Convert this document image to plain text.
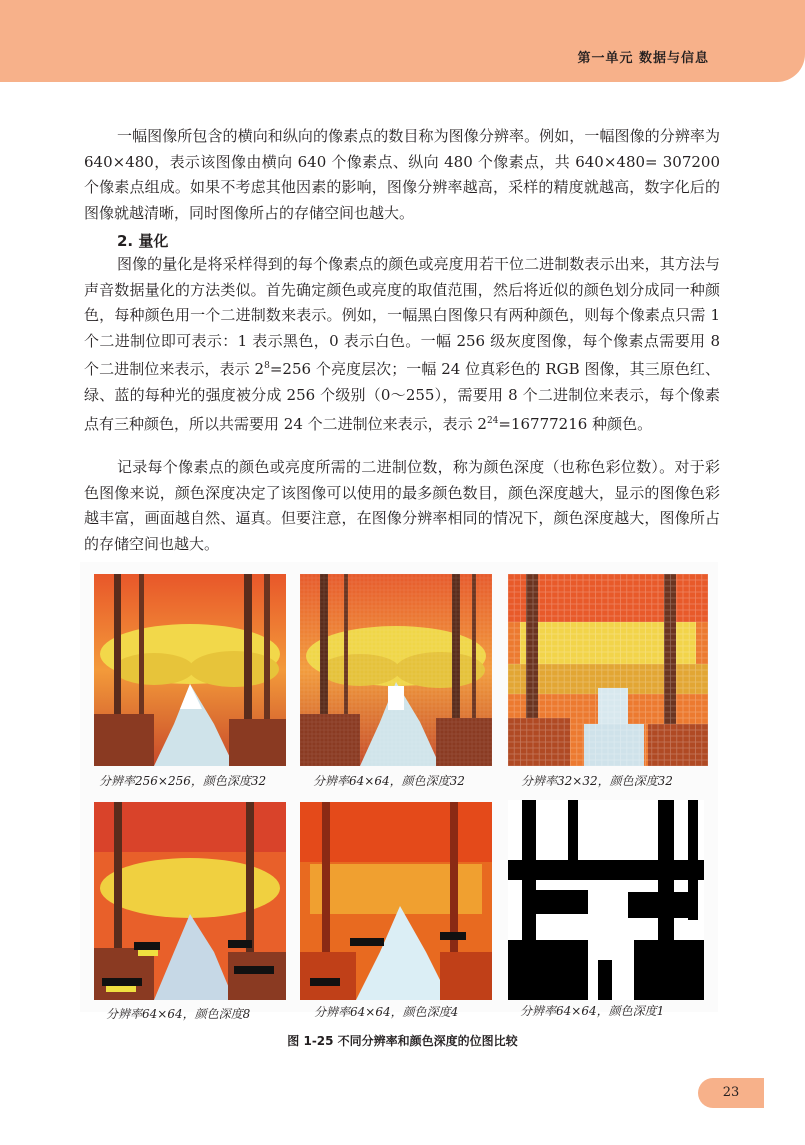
第一单元 数据与信息

一幅图像所包含的横向和纵向的像素点的数目称为图像分辨率。例如，一幅图像的分辨率为 640×480，表示该图像由横向 640 个像素点、纵向 480 个像素点，共 640×480= 307200 个像素点组成。如果不考虑其他因素的影响，图像分辨率越高，采样的精度就越高，数字化后的图像就越清晰，同时图像所占的存储空间也越大。

2. 量化

图像的量化是将采样得到的每个像素点的颜色或亮度用若干位二进制数表示出来，其方法与声音数据量化的方法类似。首先确定颜色或亮度的取值范围，然后将近似的颜色划分成同一种颜色，每种颜色用一个二进制数来表示。例如，一幅黑白图像只有两种颜色，则每个像素点只需 1 个二进制位即可表示：1 表示黑色，0 表示白色。一幅 256 级灰度图像，每个像素点需要用 8 个二进制位来表示，表示 $2^8=256$ 个亮度层次；一幅 24 位真彩色的 RGB 图像，其三原色红、绿、蓝的每种光的强度被分成 256 个级别（0～255），需要用 8 个二进制位来表示，每个像素点有三种颜色，所以共需要用 24 个二进制位来表示，表示 $2^{24}=16777216$ 种颜色。

记录每个像素点的颜色或亮度所需的二进制位数，称为颜色深度（也称色彩位数）。对于彩色图像来说，颜色深度决定了该图像可以使用的最多颜色数目，颜色深度越大，显示的图像色彩越丰富，画面越自然、逼真。但要注意，在图像分辨率相同的情况下，颜色深度越大，图像所占的存储空间也越大。

分辨率256×256，颜色深度32	分辨率64×64，颜色深度32	分辨率32×32，颜色深度32
分辨率64×64，颜色深度8	分辨率64×64，颜色深度4	分辨率64×64，颜色深度1
图 1-25 不同分辨率和颜色深度的位图比较
23
